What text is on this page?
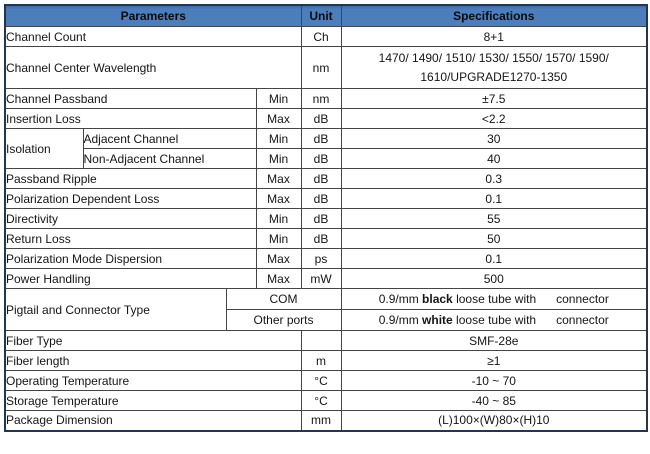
Parameters				Unit	Specifications
Channel Count				Ch	8+1
Channel Center Wavelength				nm	1470/ 1490/ 1510/ 1530/ 1550/ 1570/ 1590/
1610/UPGRADE1270-1350

Channel Passband			Min	nm	±7.5
Insertion Loss			Max	dB	<2.2
Isolation	Adjacent Channel		Min	dB	30
	Non-Adjacent Channel		Min	dB	40
Passband Ripple			Max	dB	0.3
Polarization Dependent Loss			Max	dB	0.1
Directivity			Min	dB	55
Return Loss			Min	dB	50
Polarization Mode Dispersion			Max	ps	0.1
Power Handling			Max	mW	500
Pigtail and Connector Type		COM			0.9/mm black loose tube with      connector
		Other ports			0.9/mm white loose tube with      connector
Fiber Type					SMF-28e
Fiber length				m	≥1
Operating Temperature				°C	-10 ~ 70
Storage Temperature				°C	-40 ~ 85
Package Dimension				mm	(L)100×(W)80×(H)10
